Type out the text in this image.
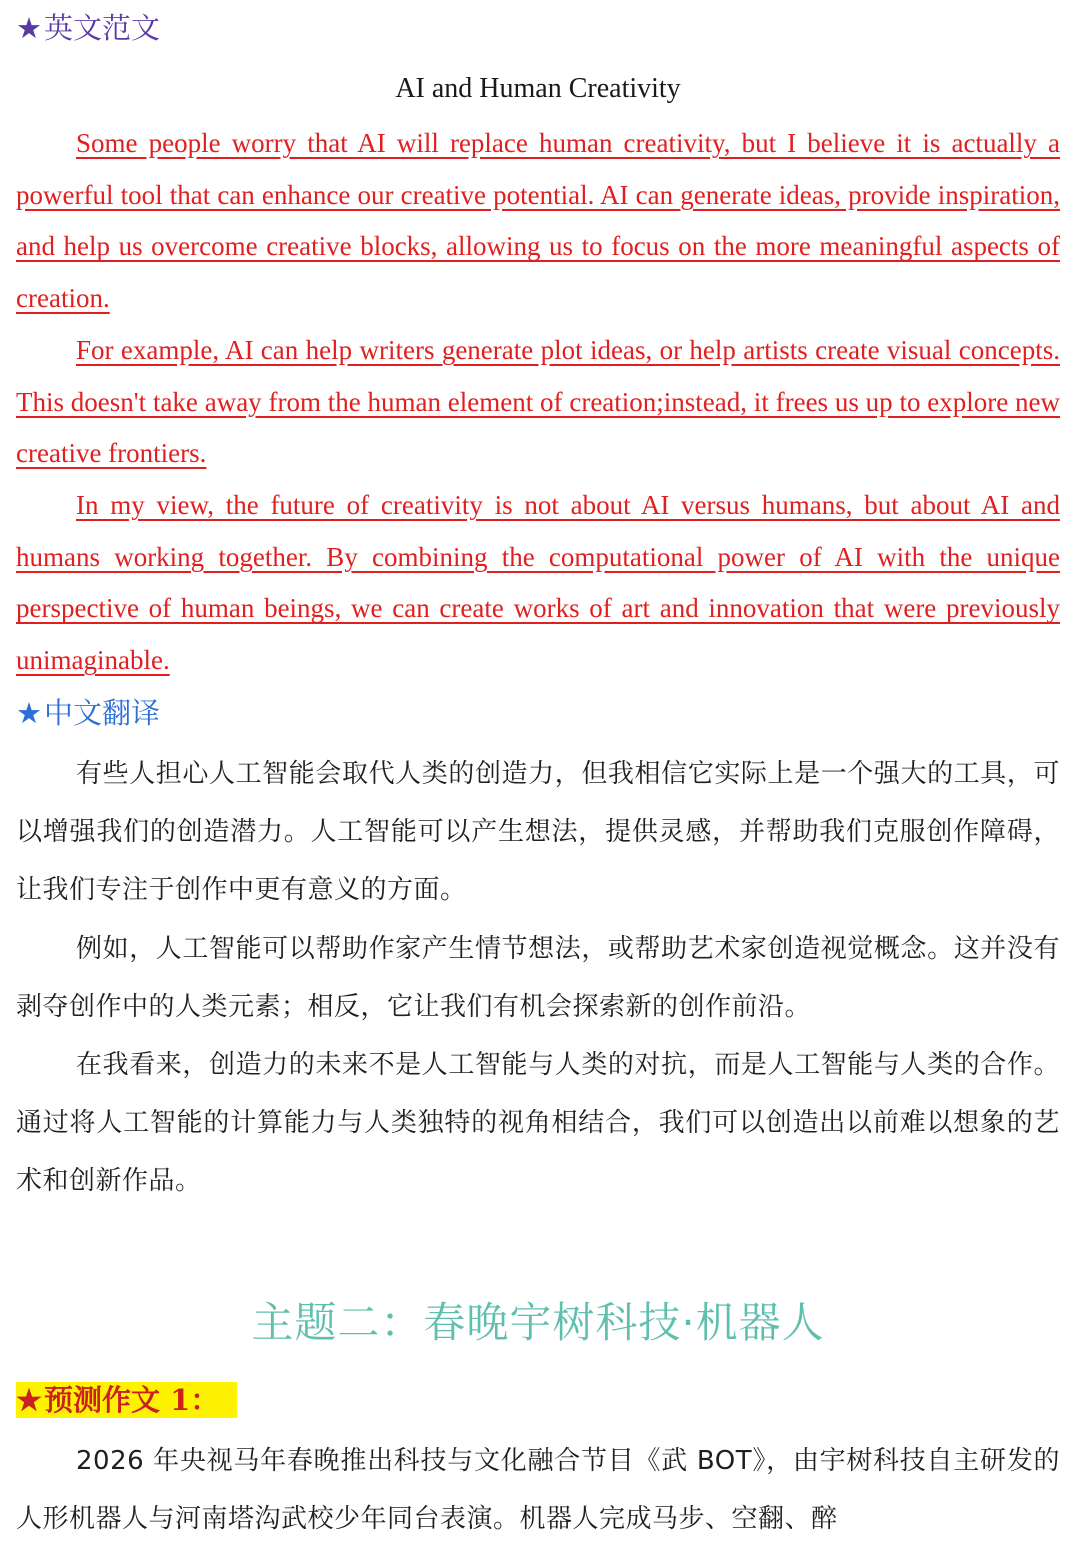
★英文范文
AI and Human Creativity

Some people worry that AI will replace human creativity, but I believe it is actually a powerful tool that can enhance our creative potential. AI can generate ideas, provide inspiration, and help us overcome creative blocks, allowing us to focus on the more meaningful aspects of creation.

For example, AI can help writers generate plot ideas, or help artists create visual concepts. This doesn't take away from the human element of creation;instead, it frees us up to explore new creative frontiers.

In my view, the future of creativity is not about AI versus humans, but about AI and humans working together. By combining the computational power of AI with the unique perspective of human beings, we can create works of art and innovation that were previously unimaginable.

★中文翻译

有些人担心人工智能会取代人类的创造力，但我相信它实际上是一个强大的工具，可以增强我们的创造潜力。人工智能可以产生想法，提供灵感，并帮助我们克服创作障碍，让我们专注于创作中更有意义的方面。

例如，人工智能可以帮助作家产生情节想法，或帮助艺术家创造视觉概念。这并没有剥夺创作中的人类元素；相反，它让我们有机会探索新的创作前沿。

在我看来，创造力的未来不是人工智能与人类的对抗，而是人工智能与人类的合作。通过将人工智能的计算能力与人类独特的视角相结合，我们可以创造出以前难以想象的艺术和创新作品。

主题二：春晚宇树科技·机器人
★预测作文 1：

2026 年央视马年春晚推出科技与文化融合节目《武 BOT》，由宇树科技自主研发的人形机器人与河南塔沟武校少年同台表演。机器人完成马步、空翻、醉
